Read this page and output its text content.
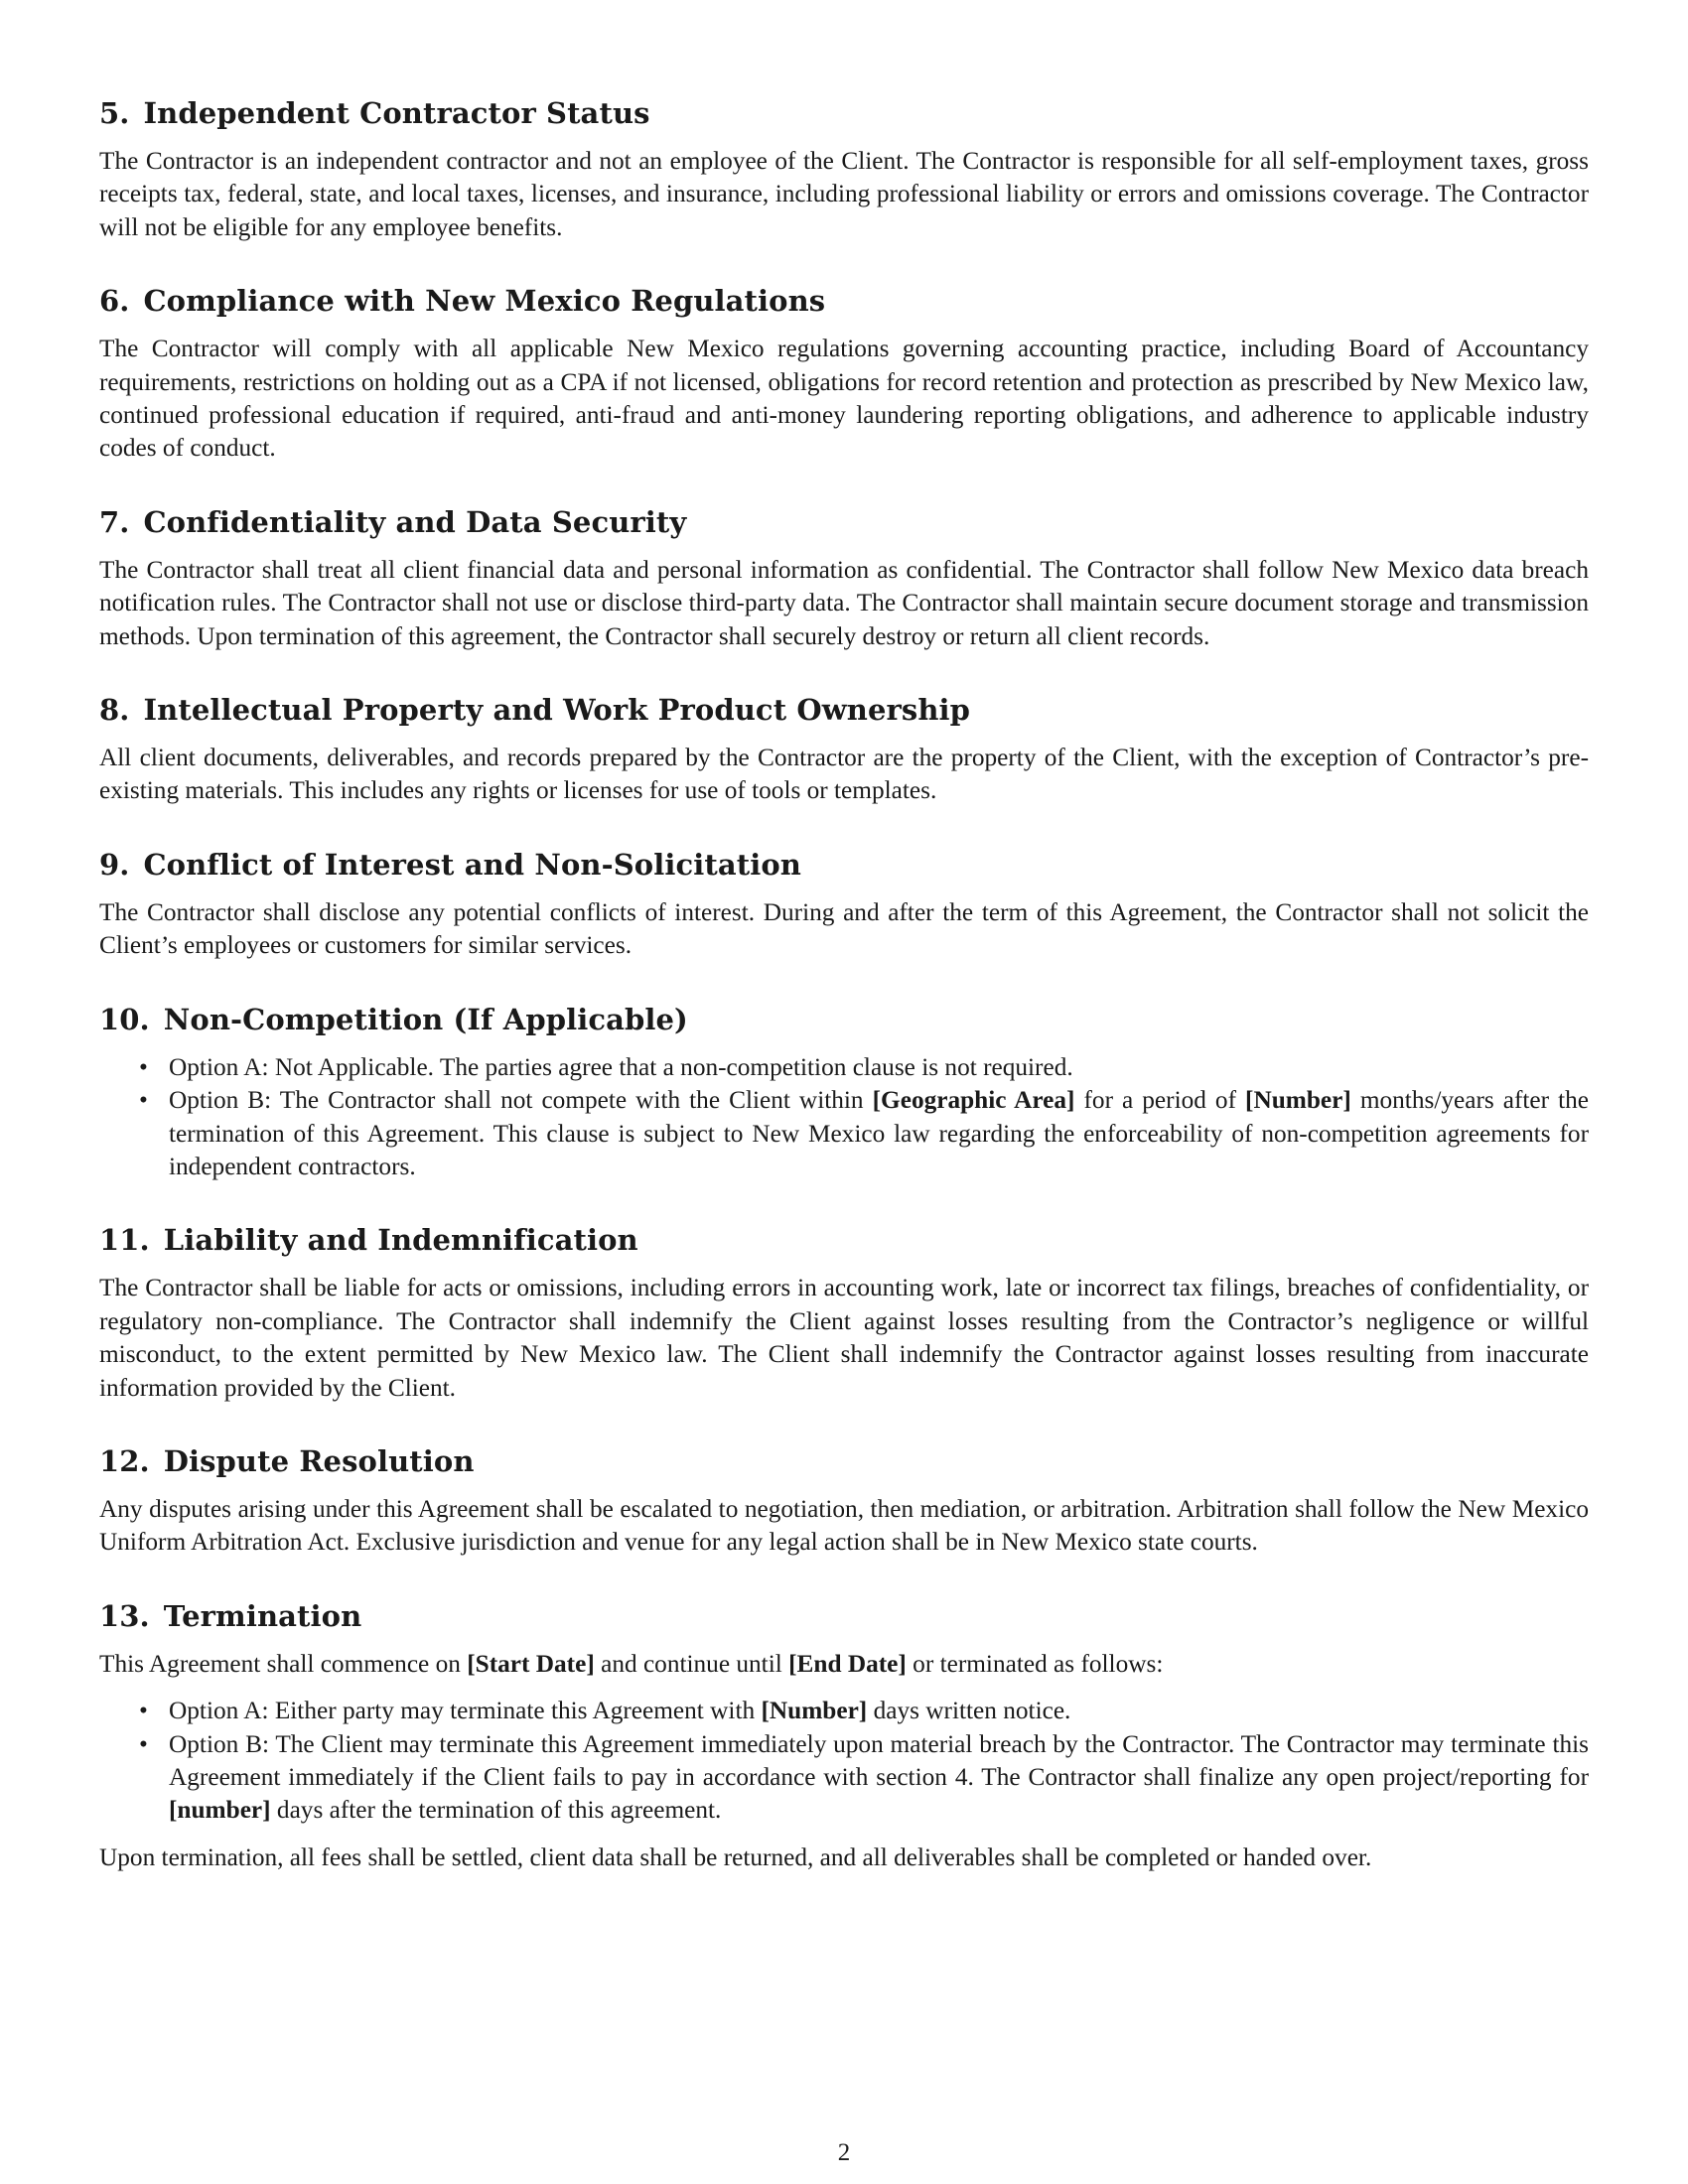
5. Independent Contractor Status

The Contractor is an independent contractor and not an employee of the Client. The Contractor is responsible for all self-employment taxes, gross receipts tax, federal, state, and local taxes, licenses, and insurance, including professional liability or errors and omissions coverage. The Contractor will not be eligible for any employee benefits.

6. Compliance with New Mexico Regulations

The Contractor will comply with all applicable New Mexico regulations governing accounting practice, including Board of Accountancy requirements, restrictions on holding out as a CPA if not licensed, obligations for record retention and protection as prescribed by New Mexico law, continued professional education if required, anti-fraud and anti-money laundering reporting obligations, and adherence to applicable industry codes of conduct.

7. Confidentiality and Data Security

The Contractor shall treat all client financial data and personal information as confidential. The Contractor shall follow New Mexico data breach notification rules. The Contractor shall not use or disclose third-party data. The Contractor shall maintain secure document storage and transmission methods. Upon termination of this agreement, the Contractor shall securely destroy or return all client records.

8. Intellectual Property and Work Product Ownership

All client documents, deliverables, and records prepared by the Contractor are the property of the Client, with the exception of Contractor’s pre-existing materials. This includes any rights or licenses for use of tools or templates.

9. Conflict of Interest and Non-Solicitation

The Contractor shall disclose any potential conflicts of interest. During and after the term of this Agreement, the Contractor shall not solicit the Client’s employees or customers for similar services.

10. Non-Competition (If Applicable)
• Option A: Not Applicable. The parties agree that a non-competition clause is not required.
• Option B: The Contractor shall not compete with the Client within [Geographic Area] for a period of [Number] months/years after the termination of this Agreement. This clause is subject to New Mexico law regarding the enforceability of non-competition agreements for independent contractors.
11. Liability and Indemnification

The Contractor shall be liable for acts or omissions, including errors in accounting work, late or incorrect tax filings, breaches of confidentiality, or regulatory non-compliance. The Contractor shall indemnify the Client against losses resulting from the Contractor’s negligence or willful misconduct, to the extent permitted by New Mexico law. The Client shall indemnify the Contractor against losses resulting from inaccurate information provided by the Client.

12. Dispute Resolution

Any disputes arising under this Agreement shall be escalated to negotiation, then mediation, or arbitration. Arbitration shall follow the New Mexico Uniform Arbitration Act. Exclusive jurisdiction and venue for any legal action shall be in New Mexico state courts.

13. Termination

This Agreement shall commence on [Start Date] and continue until [End Date] or terminated as follows:

• Option A: Either party may terminate this Agreement with [Number] days written notice.
• Option B: The Client may terminate this Agreement immediately upon material breach by the Contractor. The Contractor may terminate this Agreement immediately if the Client fails to pay in accordance with section 4. The Contractor shall finalize any open project/reporting for [number] days after the termination of this agreement.

Upon termination, all fees shall be settled, client data shall be returned, and all deliverables shall be completed or handed over.

2
